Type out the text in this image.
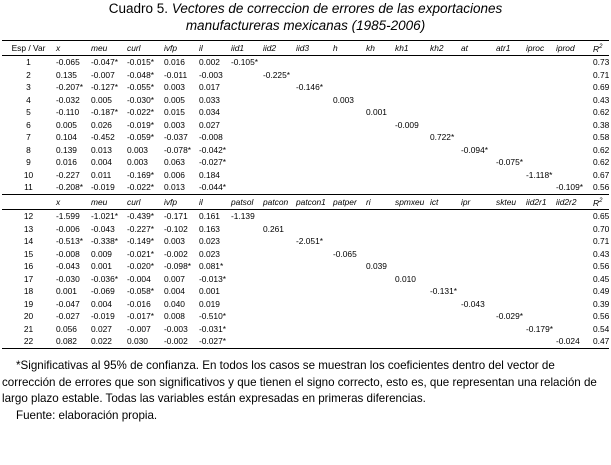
Cuadro 5. Vectores de correccion de errores de las exportaciones
manufactureras mexicanas (1985-2006)
Esp / Var	x	meu	curl	ivfp	il	iid1	iid2	iid3	h	kh	kh1	kh2	at	atr1	iproc	iprod	$R^2$
1	-0.065	-0.047*	-0.015*	0.016	0.002	-0.105*											0.73
2	0.135	-0.007	-0.048*	-0.011	-0.003		-0.225*										0.71
3	-0.207*	-0.127*	-0.055*	0.003	0.017			-0.146*									0.69
4	-0.032	0.005	-0.030*	0.005	0.033				0.003								0.43
5	-0.110	-0.187*	-0.022*	0.015	0.034					0.001							0.62
6	0.005	0.026	-0.019*	0.003	0.027						-0.009						0.38
7	0.104	-0.452	-0.059*	-0.037	-0.008							0.722*					0.58
8	0.139	0.013	0.003	-0.078*	-0.042*								-0.094*				0.62
9	0.016	0.004	0.003	0.063	-0.027*									-0.075*			0.62
10	-0.227	0.011	-0.169*	0.006	0.184										-1.118*		0.67
11	-0.208*	-0.019	-0.022*	0.013	-0.044*											-0.109*	0.56
	x	meu	curl	ivfp	il	patsol	patcon	patcon1	patper	ri	spmxeu	ict	ipr	skteu	iid2r1	iid2r2	$R^2$
12	-1.599	-1.021*	-0.439*	-0.171	0.161	-1.139											0.65
13	-0.006	-0.043	-0.227*	-0.102	0.163		0.261										0.70
14	-0.513*	-0.338*	-0.149*	0.003	0.023			-2.051*									0.71
15	-0.008	0.009	-0.021*	-0.002	0.023				-0.065								0.43
16	-0.043	0.001	-0.020*	-0.098*	0.081*					0.039							0.56
17	-0.030	-0.036*	-0.004	0.007	-0.013*						0.010						0.45
18	0.001	-0.069	-0.058*	0.004	0.001							-0.131*					0.49
19	-0.047	0.004	-0.016	0.040	0.019								-0.043				0.39
20	-0.027	-0.019	-0.017*	0.008	-0.510*									-0.029*			0.56
21	0.056	0.027	-0.007	-0.003	-0.031*										-0.179*		0.54
22	0.082	0.022	0.030	-0.002	-0.027*											-0.024	0.47

*Significativas al 95% de confianza. En todos los casos se muestran los coeficientes dentro del vector de corrección de errores que son significativos y que tienen el signo correcto, esto es, que representan una relación de largo plazo estable. Todas las variables están expresadas en primeras diferencias.

Fuente: elaboración propia.
